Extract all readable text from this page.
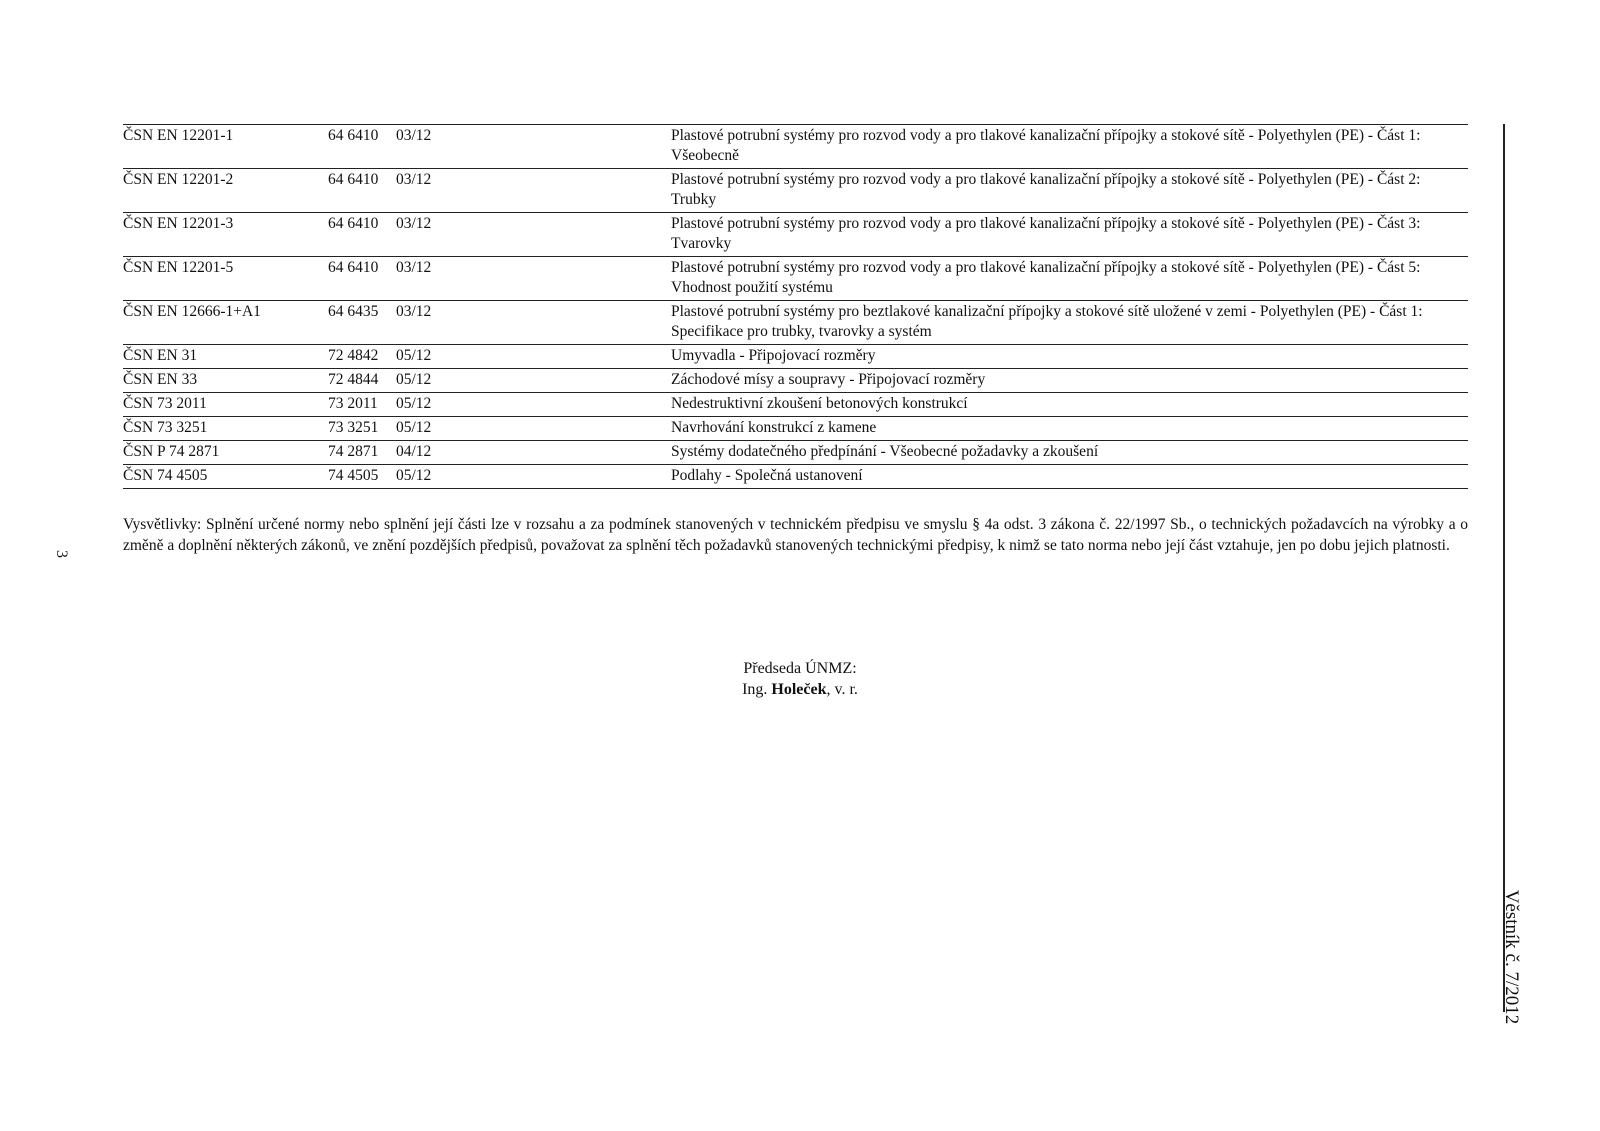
3
ČSN EN 12201-1	64 6410	03/12	Plastové potrubní systémy pro rozvod vody a pro tlakové kanalizační přípojky a stokové sítě - Polyethylen (PE) - Část 1: Všeobecně
ČSN EN 12201-2	64 6410	03/12	Plastové potrubní systémy pro rozvod vody a pro tlakové kanalizační přípojky a stokové sítě - Polyethylen (PE) - Část 2: Trubky
ČSN EN 12201-3	64 6410	03/12	Plastové potrubní systémy pro rozvod vody a pro tlakové kanalizační přípojky a stokové sítě - Polyethylen (PE) - Část 3: Tvarovky
ČSN EN 12201-5	64 6410	03/12	Plastové potrubní systémy pro rozvod vody a pro tlakové kanalizační přípojky a stokové sítě - Polyethylen (PE) - Část 5: Vhodnost použití systému
ČSN EN 12666-1+A1	64 6435	03/12	Plastové potrubní systémy pro beztlakové kanalizační přípojky a stokové sítě uložené v zemi - Polyethylen (PE) - Část 1: Specifikace pro trubky, tvarovky a systém
ČSN EN 31	72 4842	05/12	Umyvadla - Připojovací rozměry
ČSN EN 33	72 4844	05/12	Záchodové mísy a soupravy - Připojovací rozměry
ČSN 73 2011	73 2011	05/12	Nedestruktivní zkoušení betonových konstrukcí
ČSN 73 3251	73 3251	05/12	Navrhování konstrukcí z kamene
ČSN P 74 2871	74 2871	04/12	Systémy dodatečného předpínání - Všeobecné požadavky a zkoušení
ČSN 74 4505	74 4505	05/12	Podlahy - Společná ustanovení

Vysvětlivky: Splnění určené normy nebo splnění její části lze v rozsahu a za podmínek stanovených v technickém předpisu ve smyslu § 4a odst. 3 zákona č. 22/1997 Sb., o technických požadavcích na výrobky a o změně a doplnění některých zákonů, ve znění pozdějších předpisů, považovat za splnění těch požadavků stanovených technickými předpisy, k nimž se tato norma nebo její část vztahuje, jen po dobu jejich platnosti.

Předseda ÚNMZ:
Ing. Holeček, v. r.
Věstník č. 7/2012
